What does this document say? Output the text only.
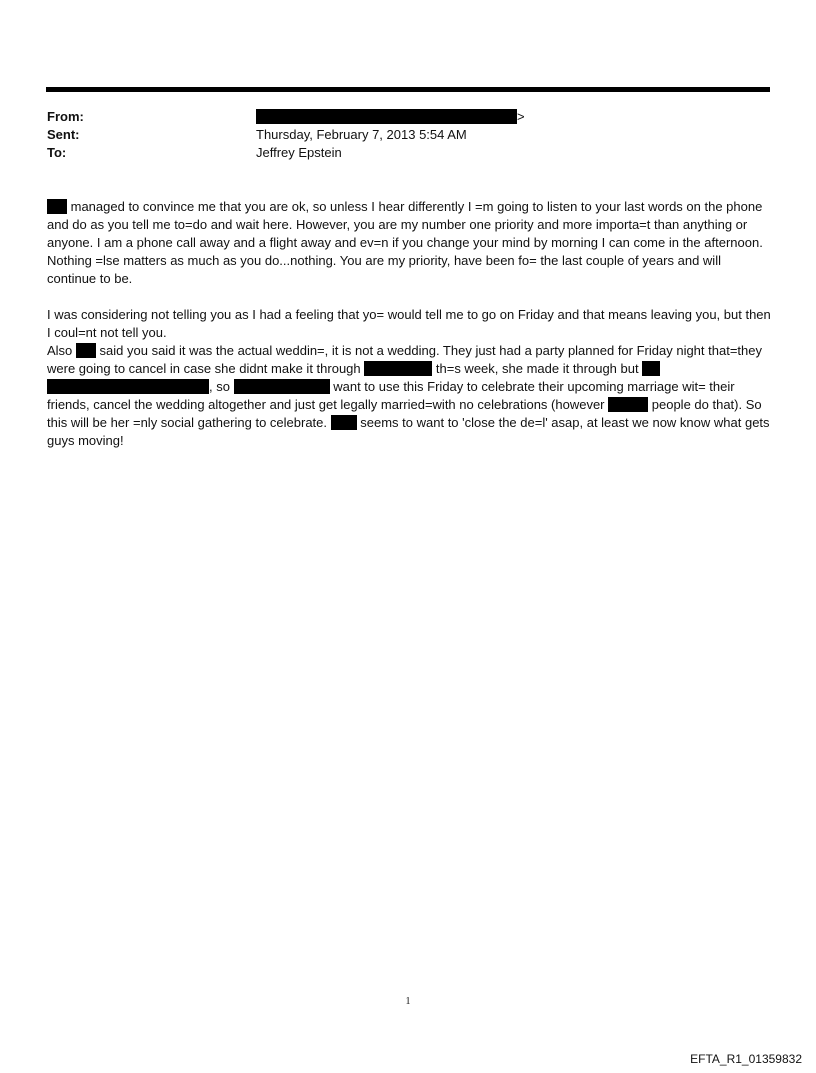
From:	>
Sent:	Thursday, February 7, 2013 5:54 AM
To:	Jeffrey Epstein

managed to convince me that you are ok, so unless I hear differently I =m going to listen to your last words on the phone and do as you tell me to=do and wait here. However, you are my number one priority and more importa=t than anything or anyone. I am a phone call away and a flight away and ev=n if you change your mind by morning I can come in the afternoon. Nothing =lse matters as much as you do...nothing. You are my priority, have been fo= the last couple of years and will continue to be.

I was considering not telling you as I had a feeling that yo= would tell me to go on Friday and that means leaving you, but then I coul=nt not tell you.

Also said you said it was the actual weddin=, it is not a wedding. They just had a party planned for Friday night that=they were going to cancel in case she didnt make it through	th=s week, she made it through but  , so	want to use this Friday to celebrate their upcoming marriage wit= their friends, cancel the wedding altogether and just get legally married=with no celebrations (however	people do that). So this will be her =nly social gathering to celebrate.	seems to want to 'close the de=l' asap, at least we now know what gets guys moving!

1
EFTA_R1_01359832
